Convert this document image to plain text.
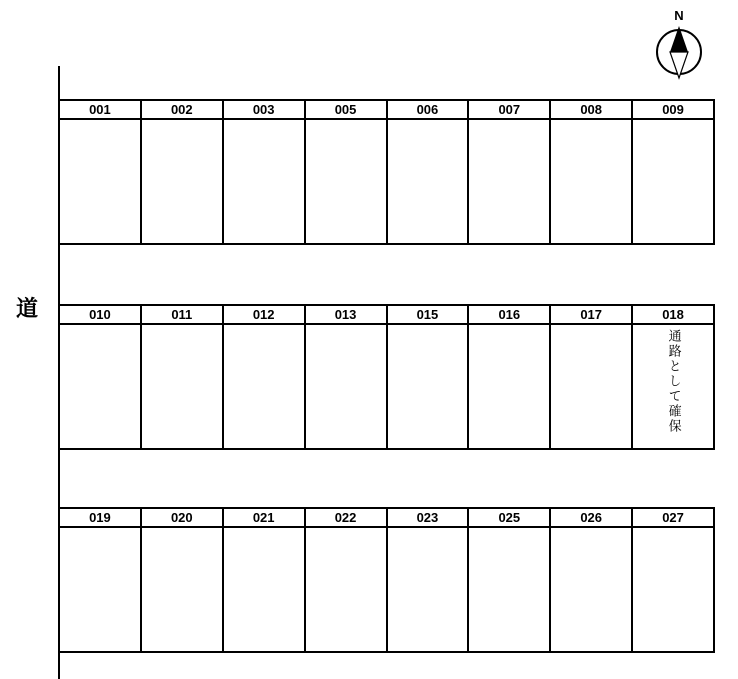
N
道
001	002	003	005	006	007	008	009
010	011	012	013	015	016	017	018
通路として確保
019	020	021	022	023	025	026	027
